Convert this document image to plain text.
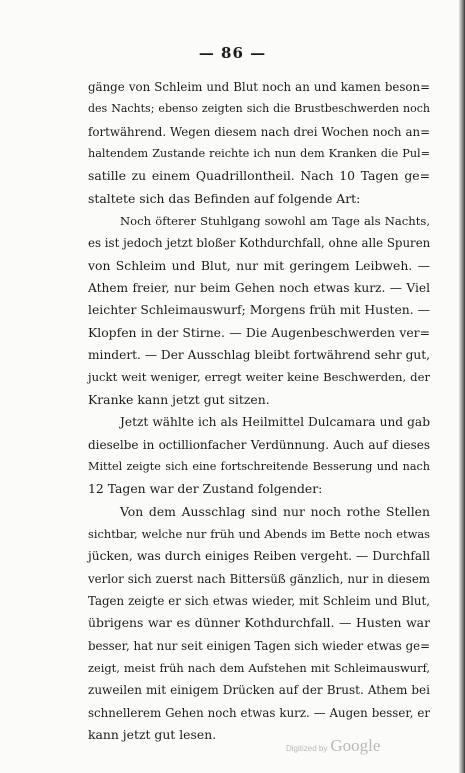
— 86 —
gänge von Schleim und Blut noch an und kamen beson=
des Nachts; ebenso zeigten sich die Brustbeschwerden noch
fortwährend. Wegen diesem nach drei Wochen noch an=
haltendem Zustande reichte ich nun dem Kranken die Pul=
satille zu einem Quadrillontheil. Nach 10 Tagen ge=
staltete sich das Befinden auf folgende Art:
Noch öfterer Stuhlgang sowohl am Tage als Nachts,
es ist jedoch jetzt bloßer Kothdurchfall, ohne alle Spuren
von Schleim und Blut, nur mit geringem Leibweh. —
Athem freier, nur beim Gehen noch etwas kurz. — Viel
leichter Schleimauswurf; Morgens früh mit Husten. —
Klopfen in der Stirne. — Die Augenbeschwerden ver=
mindert. — Der Ausschlag bleibt fortwährend sehr gut,
juckt weit weniger, erregt weiter keine Beschwerden, der
Kranke kann jetzt gut sitzen.
Jetzt wählte ich als Heilmittel Dulcamara und gab
dieselbe in octillionfacher Verdünnung. Auch auf dieses
Mittel zeigte sich eine fortschreitende Besserung und nach
12 Tagen war der Zustand folgender:
Von dem Ausschlag sind nur noch rothe Stellen
sichtbar, welche nur früh und Abends im Bette noch etwas
jücken, was durch einiges Reiben vergeht. — Durchfall
verlor sich zuerst nach Bittersüß gänzlich, nur in diesem
Tagen zeigte er sich etwas wieder, mit Schleim und Blut,
übrigens war es dünner Kothdurchfall. — Husten war
besser, hat nur seit einigen Tagen sich wieder etwas ge=
zeigt, meist früh nach dem Aufstehen mit Schleimauswurf,
zuweilen mit einigem Drücken auf der Brust. Athem bei
schnellerem Gehen noch etwas kurz. — Augen besser, er
kann jetzt gut lesen.
Digitized by Google
